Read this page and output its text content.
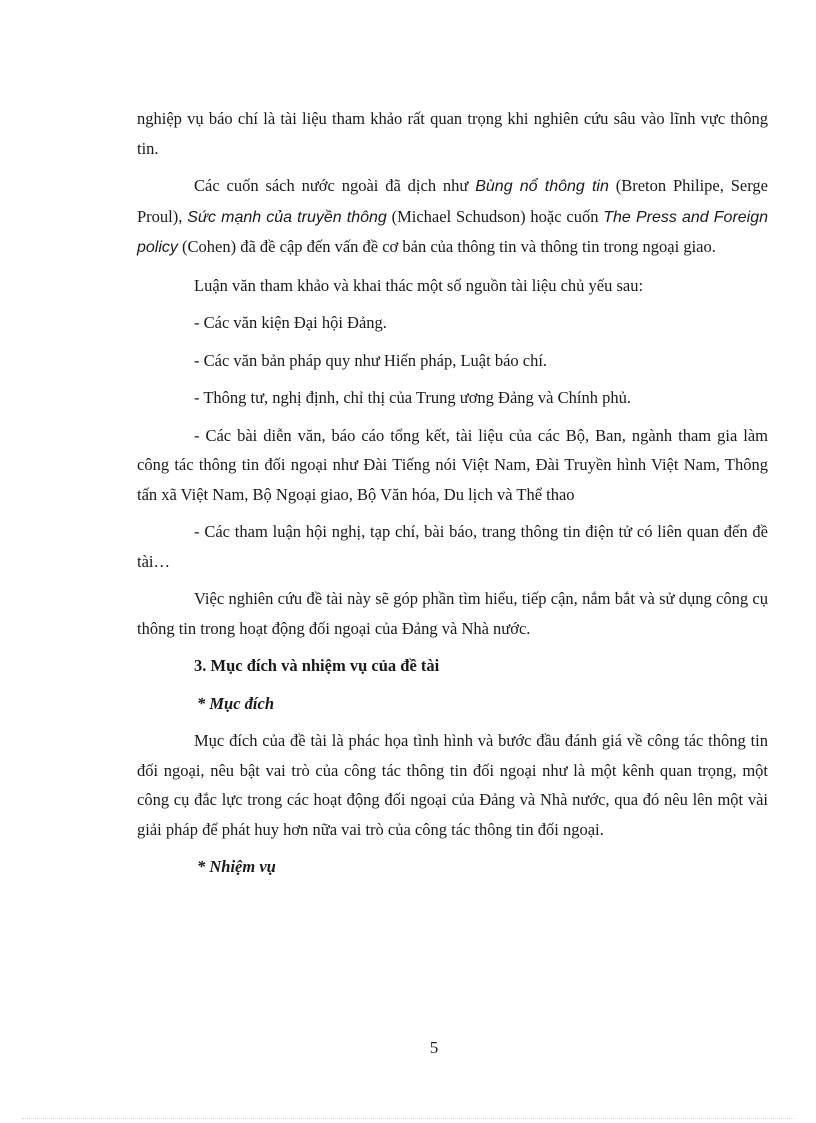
nghiệp vụ báo chí là tài liệu tham khảo rất quan trọng khi nghiên cứu sâu vào lĩnh vực thông tin.

Các cuốn sách nước ngoài đã dịch như Bùng nổ thông tin (Breton Philipe, Serge Proul), Sức mạnh của truyền thông (Michael Schudson) hoặc cuốn The Press and Foreign policy (Cohen) đã đề cập đến vấn đề cơ bản của thông tin và thông tin trong ngoại giao.

Luận văn tham khảo và khai thác một số nguồn tài liệu chủ yếu sau:

- Các văn kiện Đại hội Đảng.

- Các văn bản pháp quy như Hiến pháp, Luật báo chí.

- Thông tư, nghị định, chỉ thị của Trung ương Đảng và Chính phủ.

- Các bài diễn văn, báo cáo tổng kết, tài liệu của các Bộ, Ban, ngành tham gia làm công tác thông tin đối ngoại như Đài Tiếng nói Việt Nam, Đài Truyền hình Việt Nam, Thông tấn xã Việt Nam, Bộ Ngoại giao, Bộ Văn hóa, Du lịch và Thể thao

- Các tham luận hội nghị, tạp chí, bài báo, trang thông tin điện tử có liên quan đến đề tài…

Việc nghiên cứu đề tài này sẽ góp phần tìm hiểu, tiếp cận, nắm bắt và sử dụng công cụ thông tin trong hoạt động đối ngoại của Đảng và Nhà nước.

3. Mục đích và nhiệm vụ của đề tài

* Mục đích

Mục đích của đề tài là phác họa tình hình và bước đầu đánh giá về công tác thông tin đối ngoại, nêu bật vai trò của công tác thông tin đối ngoại như là một kênh quan trọng, một công cụ đắc lực trong các hoạt động đối ngoại của Đảng và Nhà nước, qua đó nêu lên một vài giải pháp để phát huy hơn nữa vai trò của công tác thông tin đối ngoại.

* Nhiệm vụ

5
